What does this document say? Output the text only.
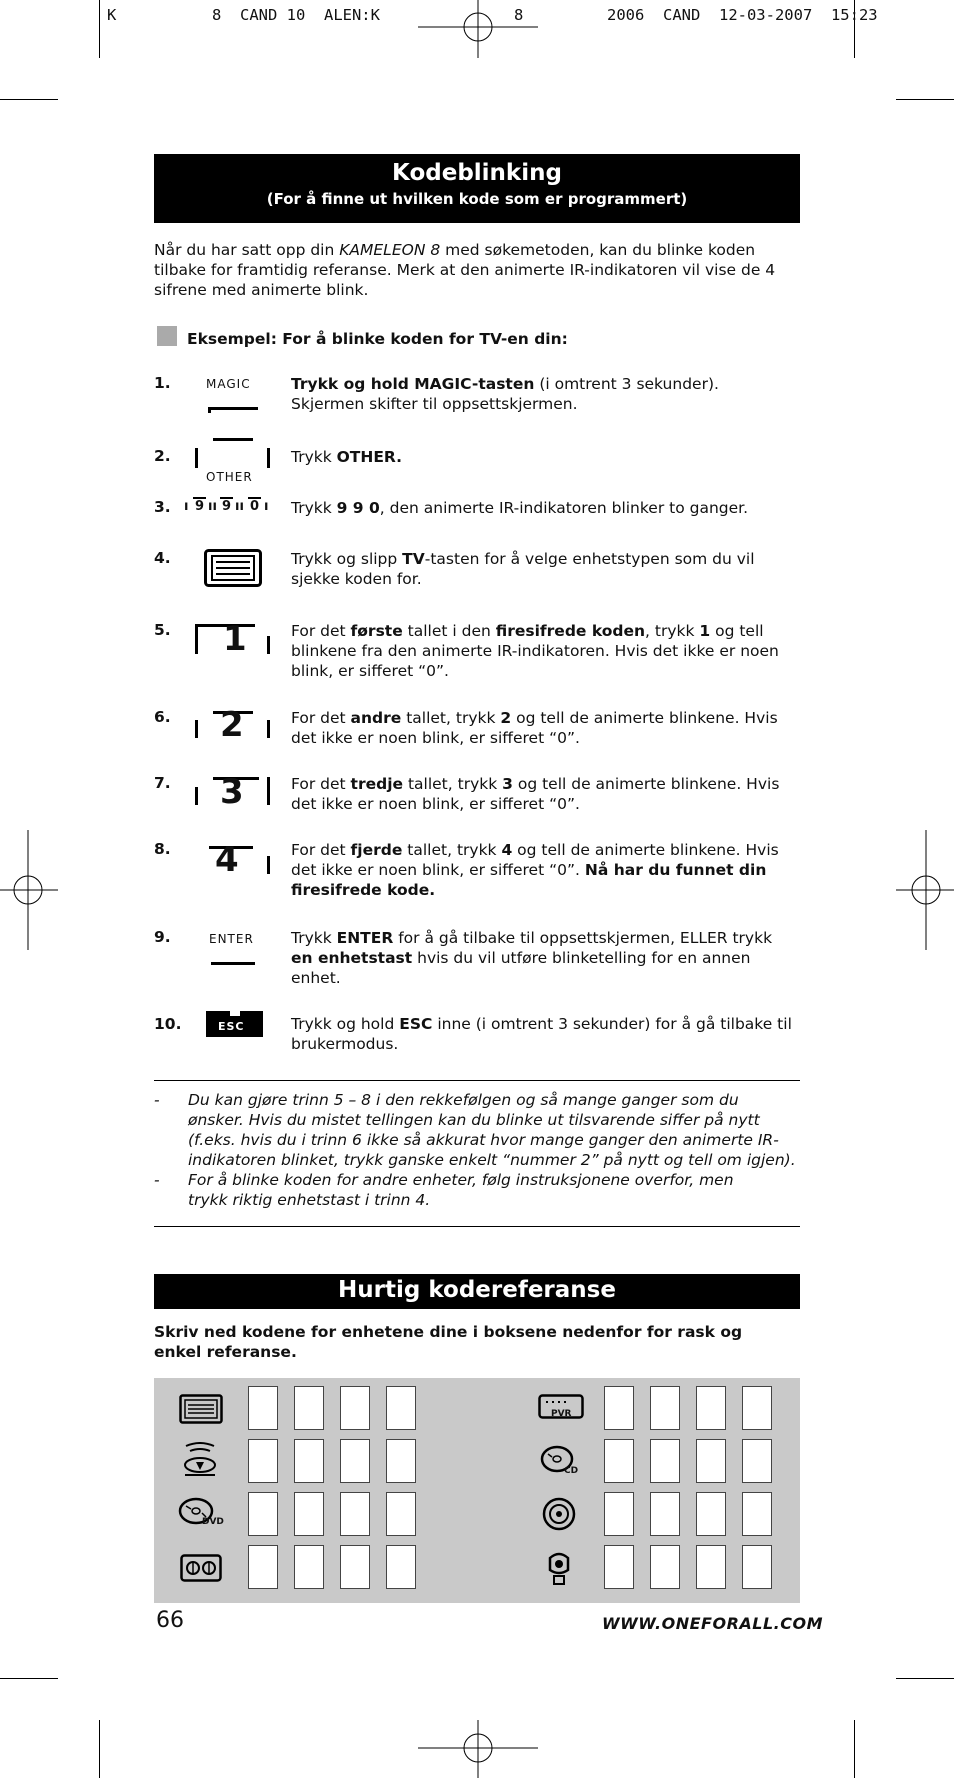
K	8  CAND 10  ALEN:K	8	2006  CAND  12-03-2007  15:23
Kodeblinking
(For å finne ut hvilken kode som er programmert)
Når du har satt opp din KAMELEON 8 med søkemetoden, kan du blinke koden
tilbake for framtidig referanse. Merk at den animerte IR-indikatoren vil vise de 4
sifrene med animerte blink.
Eksempel: For å blinke koden for TV-en din:
1.	MAGIC	Trykk og hold MAGIC-tasten (i omtrent 3 sekunder).
Skjermen skifter til oppsettskjermen.
2.
OTHER
Trykk OTHER.
3. ı 9 ıı 9 ıı 0 ı Trykk 9 9 0, den animerte IR-indikatoren blinker to ganger.
4.	Trykk og slipp TV-tasten for å velge enhetstypen som du vil
sjekke koden for.
5. 1	For det første tallet i den firesifrede koden, trykk 1 og tell
blinkene fra den animerte IR-indikatoren. Hvis det ikke er noen
blink, er sifferet “0”.
6. 2	For det andre tallet, trykk 2 og tell de animerte blinkene. Hvis
det ikke er noen blink, er sifferet “0”.
7. 3	For det tredje tallet, trykk 3 og tell de animerte blinkene. Hvis
det ikke er noen blink, er sifferet “0”.
8. 4	For det fjerde tallet, trykk 4 og tell de animerte blinkene. Hvis
det ikke er noen blink, er sifferet “0”. Nå har du funnet din
firesifrede kode.
9.	ENTER Trykk ENTER for å gå tilbake til oppsettskjermen, ELLER trykk
en enhetstast hvis du vil utføre blinketelling for en annen
enhet.
10.	ESC	Trykk og hold ESC inne (i omtrent 3 sekunder) for å gå tilbake til
brukermodus.
- Du kan gjøre trinn 5 – 8 i den rekkefølgen og så mange ganger som du
ønsker. Hvis du mistet tellingen kan du blinke ut tilsvarende siffer på nytt
(f.eks. hvis du i trinn 6 ikke så akkurat hvor mange ganger den animerte IR-
indikatoren blinket, trykk ganske enkelt “nummer 2” på nytt og tell om igjen).
- For å blinke koden for andre enheter, følg instruksjonene overfor, men
trykk riktig enhetstast i trinn 4.
Hurtig kodereferanse
Skriv ned kodene for enhetene dine i boksene nedenfor for rask og
enkel referanse.
DVD
PVR
CD
66	WWW.ONEFORALL.COM
